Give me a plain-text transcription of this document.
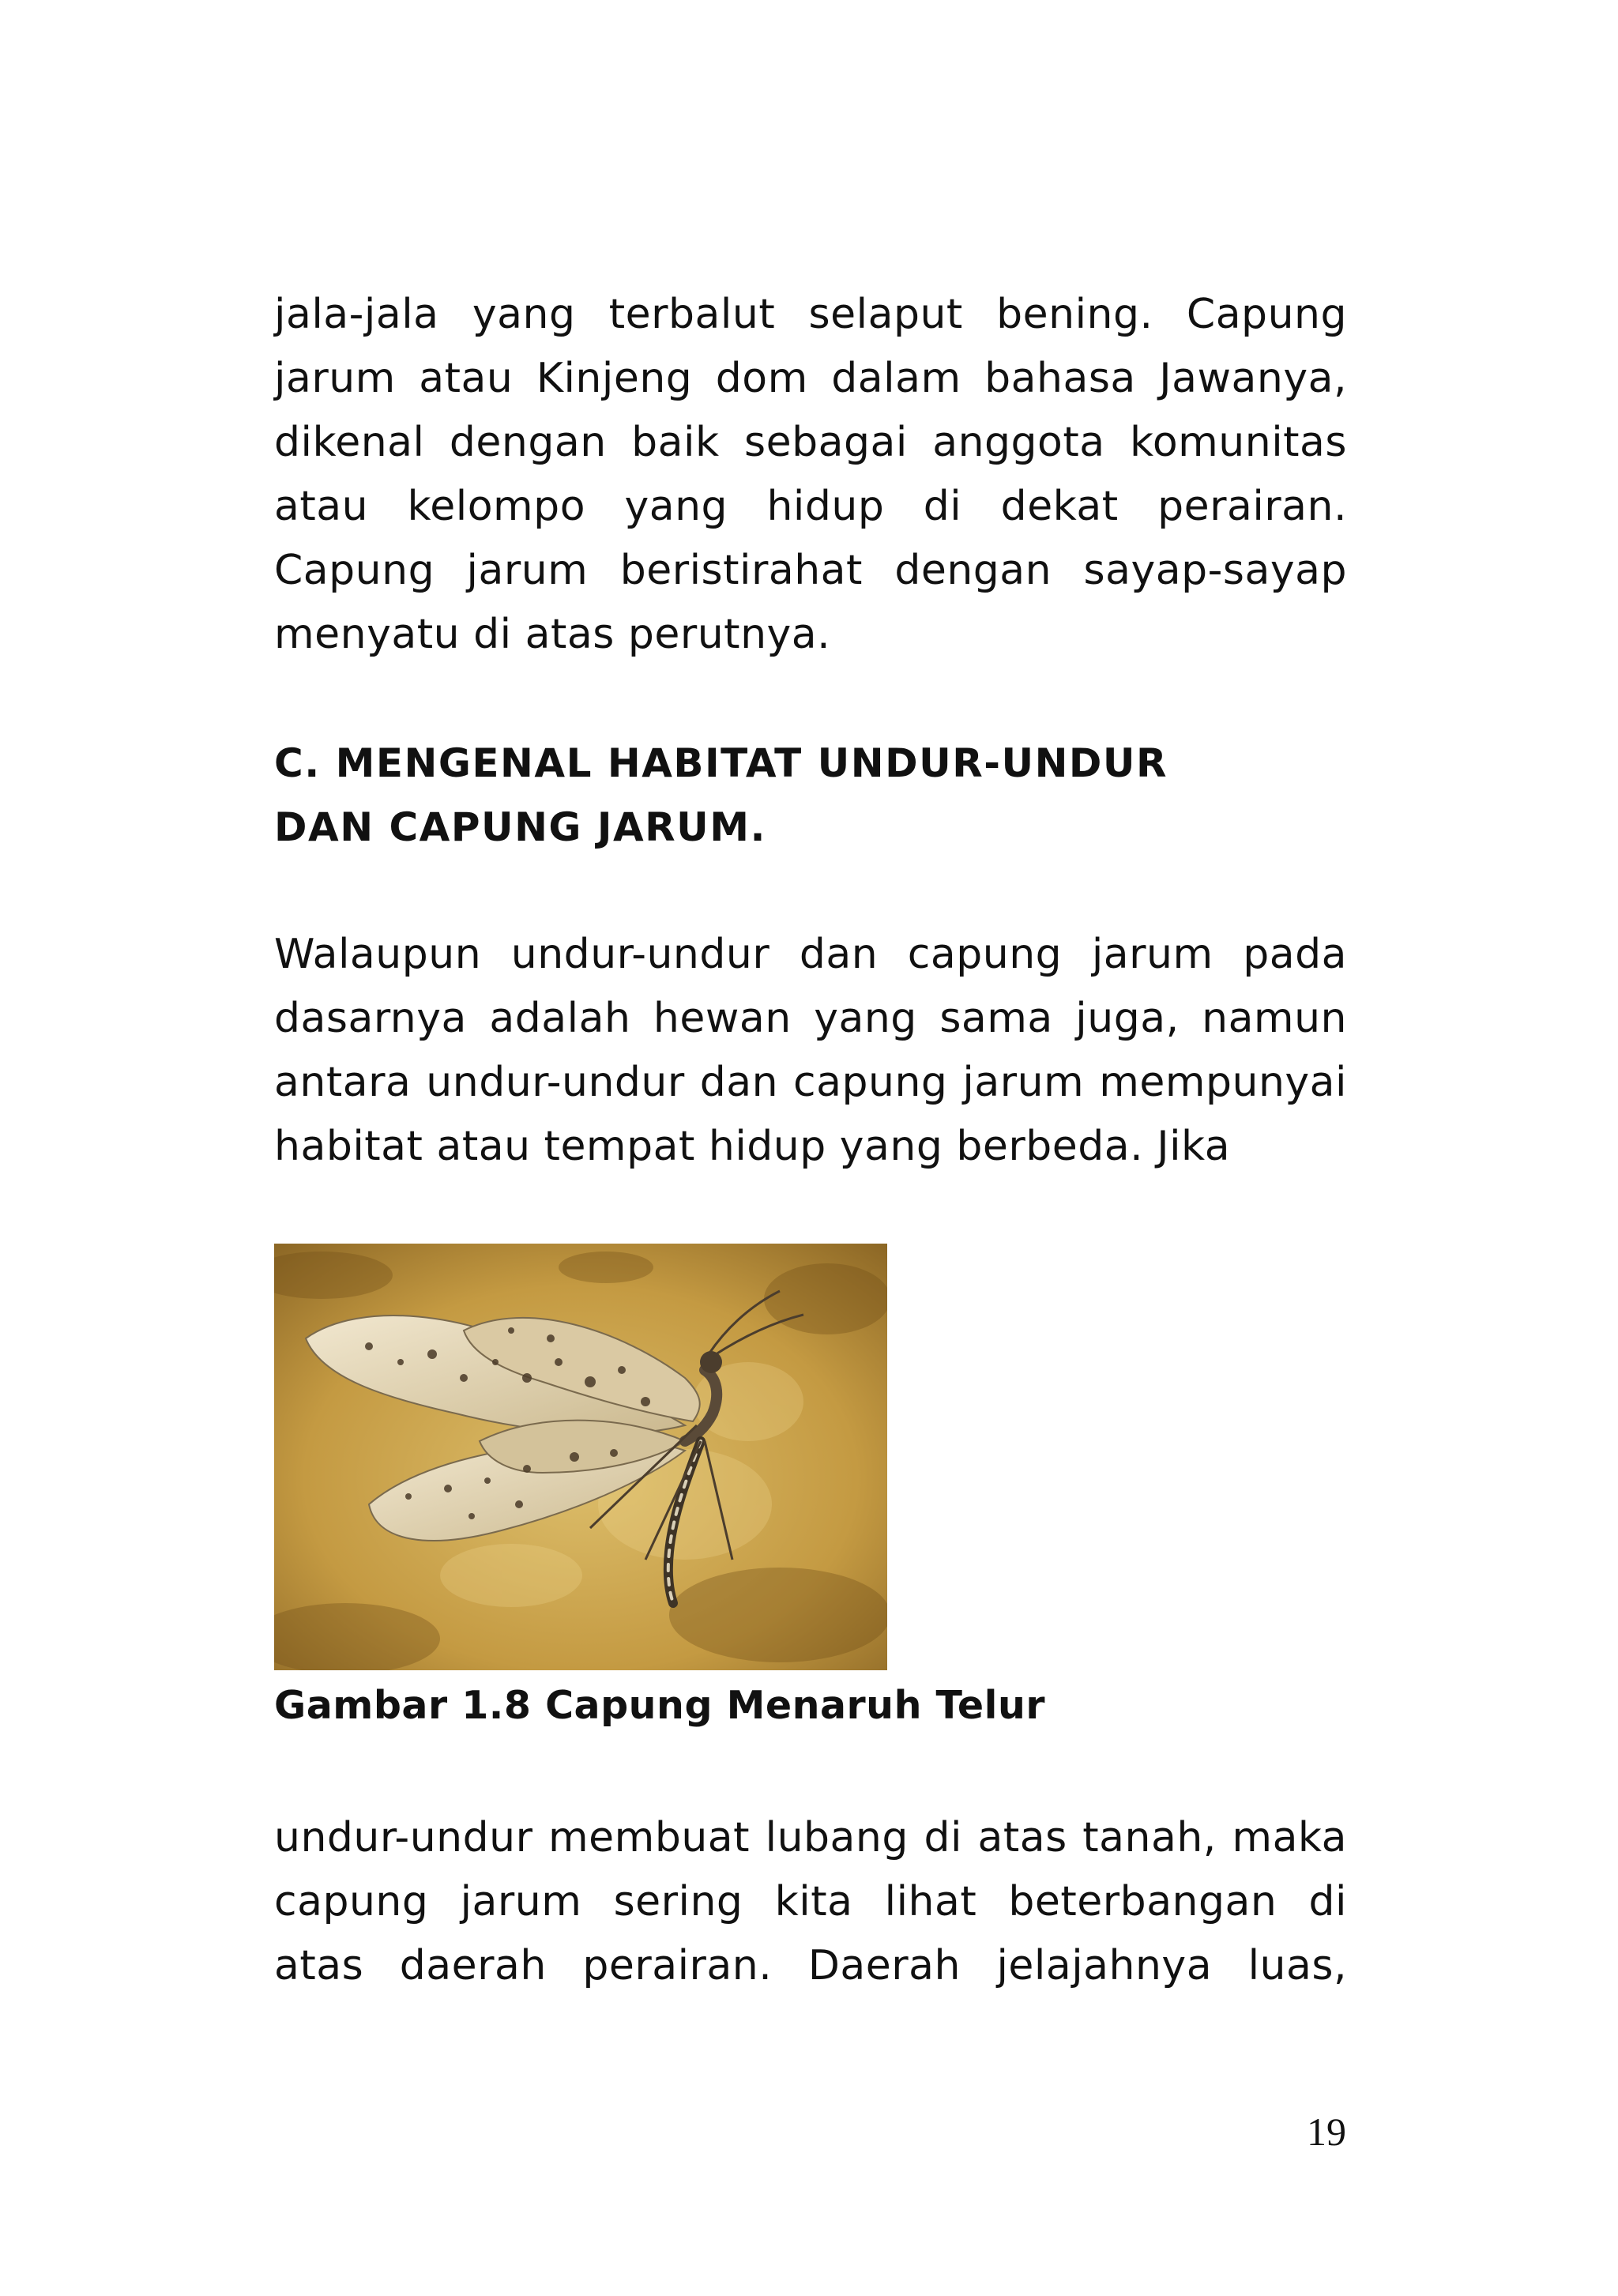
jala-jala yang terbalut selaput bening. Capung
jarum atau Kinjeng dom dalam bahasa Jawanya,
dikenal dengan baik sebagai anggota komunitas
atau kelompo yang hidup di dekat perairan.
Capung jarum beristirahat dengan sayap-sayap
menyatu di atas perutnya.

C. MENGENAL HABITAT UNDUR-UNDUR
DAN CAPUNG JARUM.

Walaupun undur-undur dan capung jarum pada
dasarnya adalah hewan yang sama juga, namun
antara undur-undur dan capung jarum mempunyai
habitat atau tempat hidup yang berbeda. Jika

Gambar 1.8 Capung Menaruh Telur

undur-undur membuat lubang di atas tanah, maka
capung jarum sering kita lihat beterbangan di
atas daerah perairan. Daerah jelajahnya luas,

19
